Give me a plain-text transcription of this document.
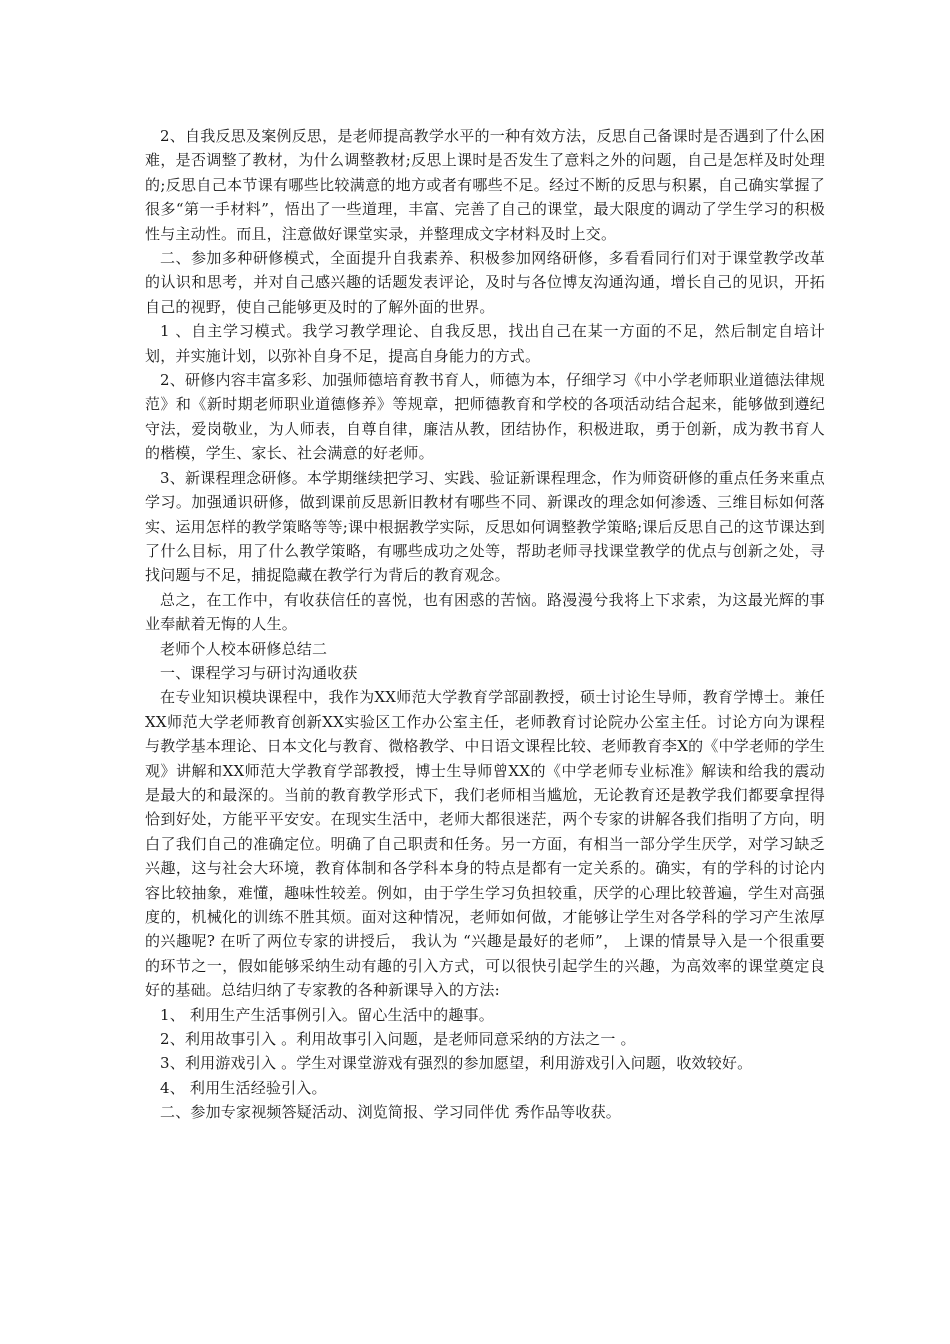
2、自我反思及案例反思，是老师提高教学水平的一种有效方法，反思自己备课时是否遇到了什么困难，是否调整了教材，为什么调整教材;反思上课时是否发生了意料之外的问题，自己是怎样及时处理的;反思自己本节课有哪些比较满意的地方或者有哪些不足。经过不断的反思与积累，自己确实掌握了很多“第一手材料”，悟出了一些道理，丰富、完善了自己的课堂，最大限度的调动了学生学习的积极性与主动性。而且，注意做好课堂实录，并整理成文字材料及时上交。

二、参加多种研修模式，全面提升自我素养、积极参加网络研修，多看看同行们对于课堂教学改革的认识和思考，并对自己感兴趣的话题发表评论，及时与各位博友沟通沟通，增长自己的见识，开拓自己的视野，使自己能够更及时的了解外面的世界。

1 、自主学习模式。我学习教学理论、自我反思，找出自己在某一方面的不足，然后制定自培计划，并实施计划，以弥补自身不足，提高自身能力的方式。

2、研修内容丰富多彩、加强师德培育教书育人，师德为本，仔细学习《中小学老师职业道德法律规范》和《新时期老师职业道德修养》等规章，把师德教育和学校的各项活动结合起来，能够做到遵纪守法，爱岗敬业，为人师表，自尊自律，廉洁从教，团结协作，积极进取，勇于创新，成为教书育人的楷模，学生、家长、社会满意的好老师。

3、新课程理念研修。本学期继续把学习、实践、验证新课程理念，作为师资研修的重点任务来重点学习。加强通识研修，做到课前反思新旧教材有哪些不同、新课改的理念如何渗透、三维目标如何落实、运用怎样的教学策略等等;课中根据教学实际，反思如何调整教学策略;课后反思自己的这节课达到了什么目标，用了什么教学策略，有哪些成功之处等，帮助老师寻找课堂教学的优点与创新之处，寻找问题与不足，捕捉隐藏在教学行为背后的教育观念。

总之，在工作中，有收获信任的喜悦，也有困惑的苦恼。路漫漫兮我将上下求索，为这最光辉的事业奉献着无悔的人生。

老师个人校本研修总结二

一、课程学习与研讨沟通收获

在专业知识模块课程中，我作为XX师范大学教育学部副教授，硕士讨论生导师，教育学博士。兼任XX师范大学老师教育创新XX实验区工作办公室主任，老师教育讨论院办公室主任。讨论方向为课程与教学基本理论、日本文化与教育、微格教学、中日语文课程比较、老师教育李X的《中学老师的学生观》讲解和XX师范大学教育学部教授，博士生导师曾XX的《中学老师专业标准》解读和给我的震动是最大的和最深的。当前的教育教学形式下，我们老师相当尴尬，无论教育还是教学我们都要拿捏得恰到好处，方能平平安安。在现实生活中，老师大都很迷茫，两个专家的讲解各我们指明了方向，明白了我们自己的准确定位。明确了自己职责和任务。另一方面，有相当一部分学生厌学，对学习缺乏兴趣，这与社会大环境，教育体制和各学科本身的特点是都有一定关系的。确实，有的学科的讨论内容比较抽象，难懂，趣味性较差。例如，由于学生学习负担较重，厌学的心理比较普遍，学生对高强度的，机械化的训练不胜其烦。面对这种情况，老师如何做，才能够让学生对各学科的学习产生浓厚的兴趣呢? 在听了两位专家的讲授后， 我认为 “兴趣是最好的老师”， 上课的情景导入是一个很重要的环节之一，假如能够采纳生动有趣的引入方式，可以很快引起学生的兴趣，为高效率的课堂奠定良好的基础。总结归纳了专家教的各种新课导入的方法:

1、 利用生产生活事例引入。留心生活中的趣事。

2、利用故事引入 。利用故事引入问题，是老师同意采纳的方法之一 。

3、利用游戏引入 。学生对课堂游戏有强烈的参加愿望，利用游戏引入问题，收效较好。

4、 利用生活经验引入。

二、参加专家视频答疑活动、浏览简报、学习同伴优 秀作品等收获。
